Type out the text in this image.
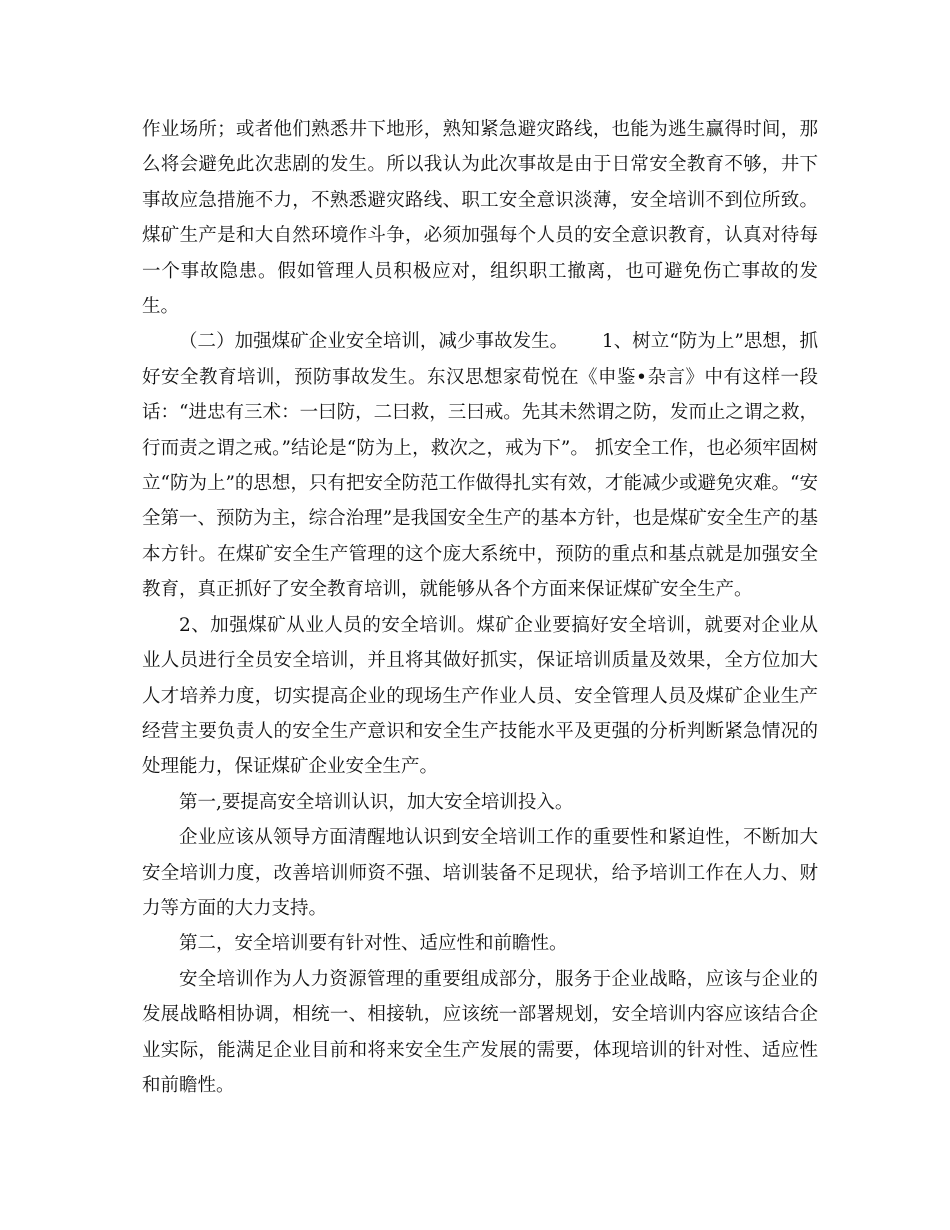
作业场所；或者他们熟悉井下地形，熟知紧急避灾路线，也能为逃生赢得时间，那么将会避免此次悲剧的发生。所以我认为此次事故是由于日常安全教育不够，井下事故应急措施不力，不熟悉避灾路线、职工安全意识淡薄，安全培训不到位所致。煤矿生产是和大自然环境作斗争，必须加强每个人员的安全意识教育，认真对待每一个事故隐患。假如管理人员积极应对，组织职工撤离，也可避免伤亡事故的发生。

（二）加强煤矿企业安全培训，减少事故发生。　　 1、树立“防为上”思想，抓好安全教育培训，预防事故发生。东汉思想家荀悦在《申鉴•杂言》中有这样一段话：“进忠有三术：一曰防，二曰救，三曰戒。先其未然谓之防，发而止之谓之救，行而责之谓之戒。”结论是“防为上，救次之，戒为下”。 抓安全工作，也必须牢固树立“防为上”的思想，只有把安全防范工作做得扎实有效，才能减少或避免灾难。“安全第一、预防为主，综合治理”是我国安全生产的基本方针，也是煤矿安全生产的基本方针。在煤矿安全生产管理的这个庞大系统中，预防的重点和基点就是加强安全教育，真正抓好了安全教育培训，就能够从各个方面来保证煤矿安全生产。

2、加强煤矿从业人员的安全培训。煤矿企业要搞好安全培训，就要对企业从业人员进行全员安全培训，并且将其做好抓实，保证培训质量及效果，全方位加大人才培养力度，切实提高企业的现场生产作业人员、安全管理人员及煤矿企业生产经营主要负责人的安全生产意识和安全生产技能水平及更强的分析判断紧急情况的处理能力，保证煤矿企业安全生产。

第一,要提高安全培训认识，加大安全培训投入。

企业应该从领导方面清醒地认识到安全培训工作的重要性和紧迫性，不断加大安全培训力度，改善培训师资不强、培训装备不足现状，给予培训工作在人力、财力等方面的大力支持。

第二，安全培训要有针对性、适应性和前瞻性。

安全培训作为人力资源管理的重要组成部分，服务于企业战略，应该与企业的发展战略相协调，相统一、相接轨，应该统一部署规划，安全培训内容应该结合企业实际，能满足企业目前和将来安全生产发展的需要，体现培训的针对性、适应性和前瞻性。
